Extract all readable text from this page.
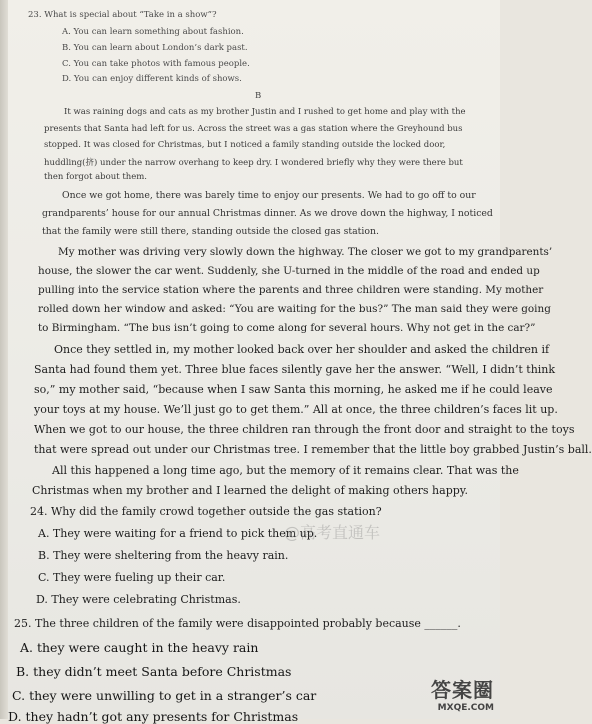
23. What is special about “Take in a show”?
A. You can learn something about fashion.
B. You can learn about London’s dark past.
C. You can take photos with famous people.
D. You can enjoy different kinds of shows.
B
It was raining dogs and cats as my brother Justin and I rushed to get home and play with the
presents that Santa had left for us. Across the street was a gas station where the Greyhound bus
stopped. It was closed for Christmas, but I noticed a family standing outside the locked door,
huddling(挤) under the narrow overhang to keep dry. I wondered briefly why they were there but
then forgot about them.
Once we got home, there was barely time to enjoy our presents. We had to go off to our
grandparents’ house for our annual Christmas dinner. As we drove down the highway, I noticed
that the family were still there, standing outside the closed gas station.
My mother was driving very slowly down the highway. The closer we got to my grandparents’
house, the slower the car went. Suddenly, she U-turned in the middle of the road and ended up
pulling into the service station where the parents and three children were standing. My mother
rolled down her window and asked: “You are waiting for the bus?” The man said they were going
to Birmingham. “The bus isn’t going to come along for several hours. Why not get in the car?”
Once they settled in, my mother looked back over her shoulder and asked the children if
Santa had found them yet. Three blue faces silently gave her the answer. “Well, I didn’t think
so,” my mother said, “because when I saw Santa this morning, he asked me if he could leave
your toys at my house. We’ll just go to get them.” All at once, the three children’s faces lit up.
When we got to our house, the three children ran through the front door and straight to the toys
that were spread out under our Christmas tree. I remember that the little boy grabbed Justin’s ball.
All this happened a long time ago, but the memory of it remains clear. That was the
Christmas when my brother and I learned the delight of making others happy.
24. Why did the family crowd together outside the gas station?
A. They were waiting for a friend to pick them up.
B. They were sheltering from the heavy rain.
C. They were fueling up their car.
D. They were celebrating Christmas.
25. The three children of the family were disappointed probably because ______.
A. they were caught in the heavy rain
B. they didn’t meet Santa before Christmas
C. they were unwilling to get in a stranger’s car
D. they hadn’t got any presents for Christmas
@高考直通车
答案圈
MXQE.COM
